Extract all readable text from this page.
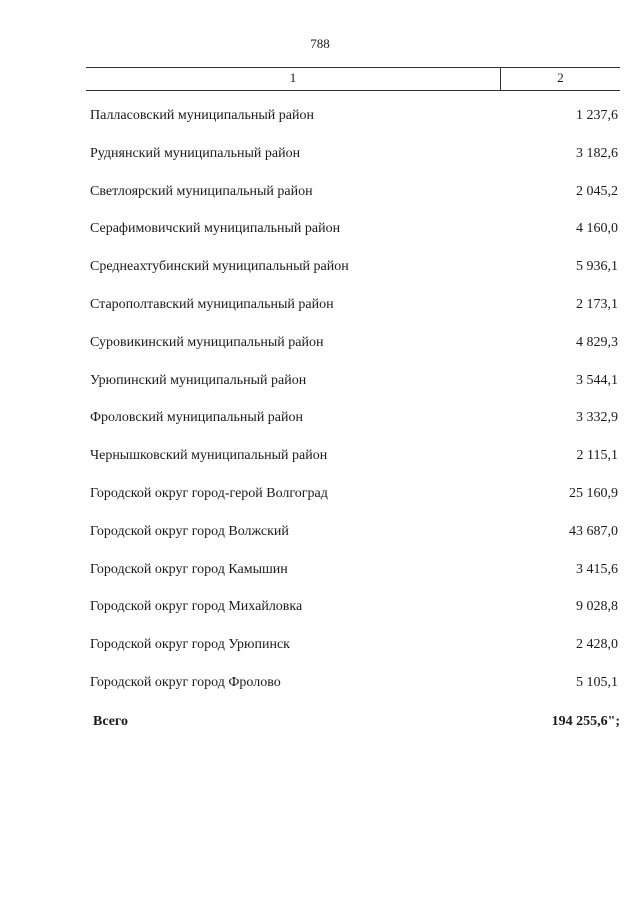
788
1	2
Палласовский муниципальный район	1 237,6
Руднянский муниципальный район	3 182,6
Светлоярский муниципальный район	2 045,2
Серафимовичский муниципальный район	4 160,0
Среднеахтубинский муниципальный район	5 936,1
Старополтавский муниципальный район	2 173,1
Суровикинский муниципальный район	4 829,3
Урюпинский муниципальный район	3 544,1
Фроловский муниципальный район	3 332,9
Чернышковский муниципальный район	2 115,1
Городской округ город-герой Волгоград	25 160,9
Городской округ город Волжский	43 687,0
Городской округ город Камышин	3 415,6
Городской округ город Михайловка	9 028,8
Городской округ город Урюпинск	2 428,0
Городской округ город Фролово	5 105,1
Всего	194 255,6";
